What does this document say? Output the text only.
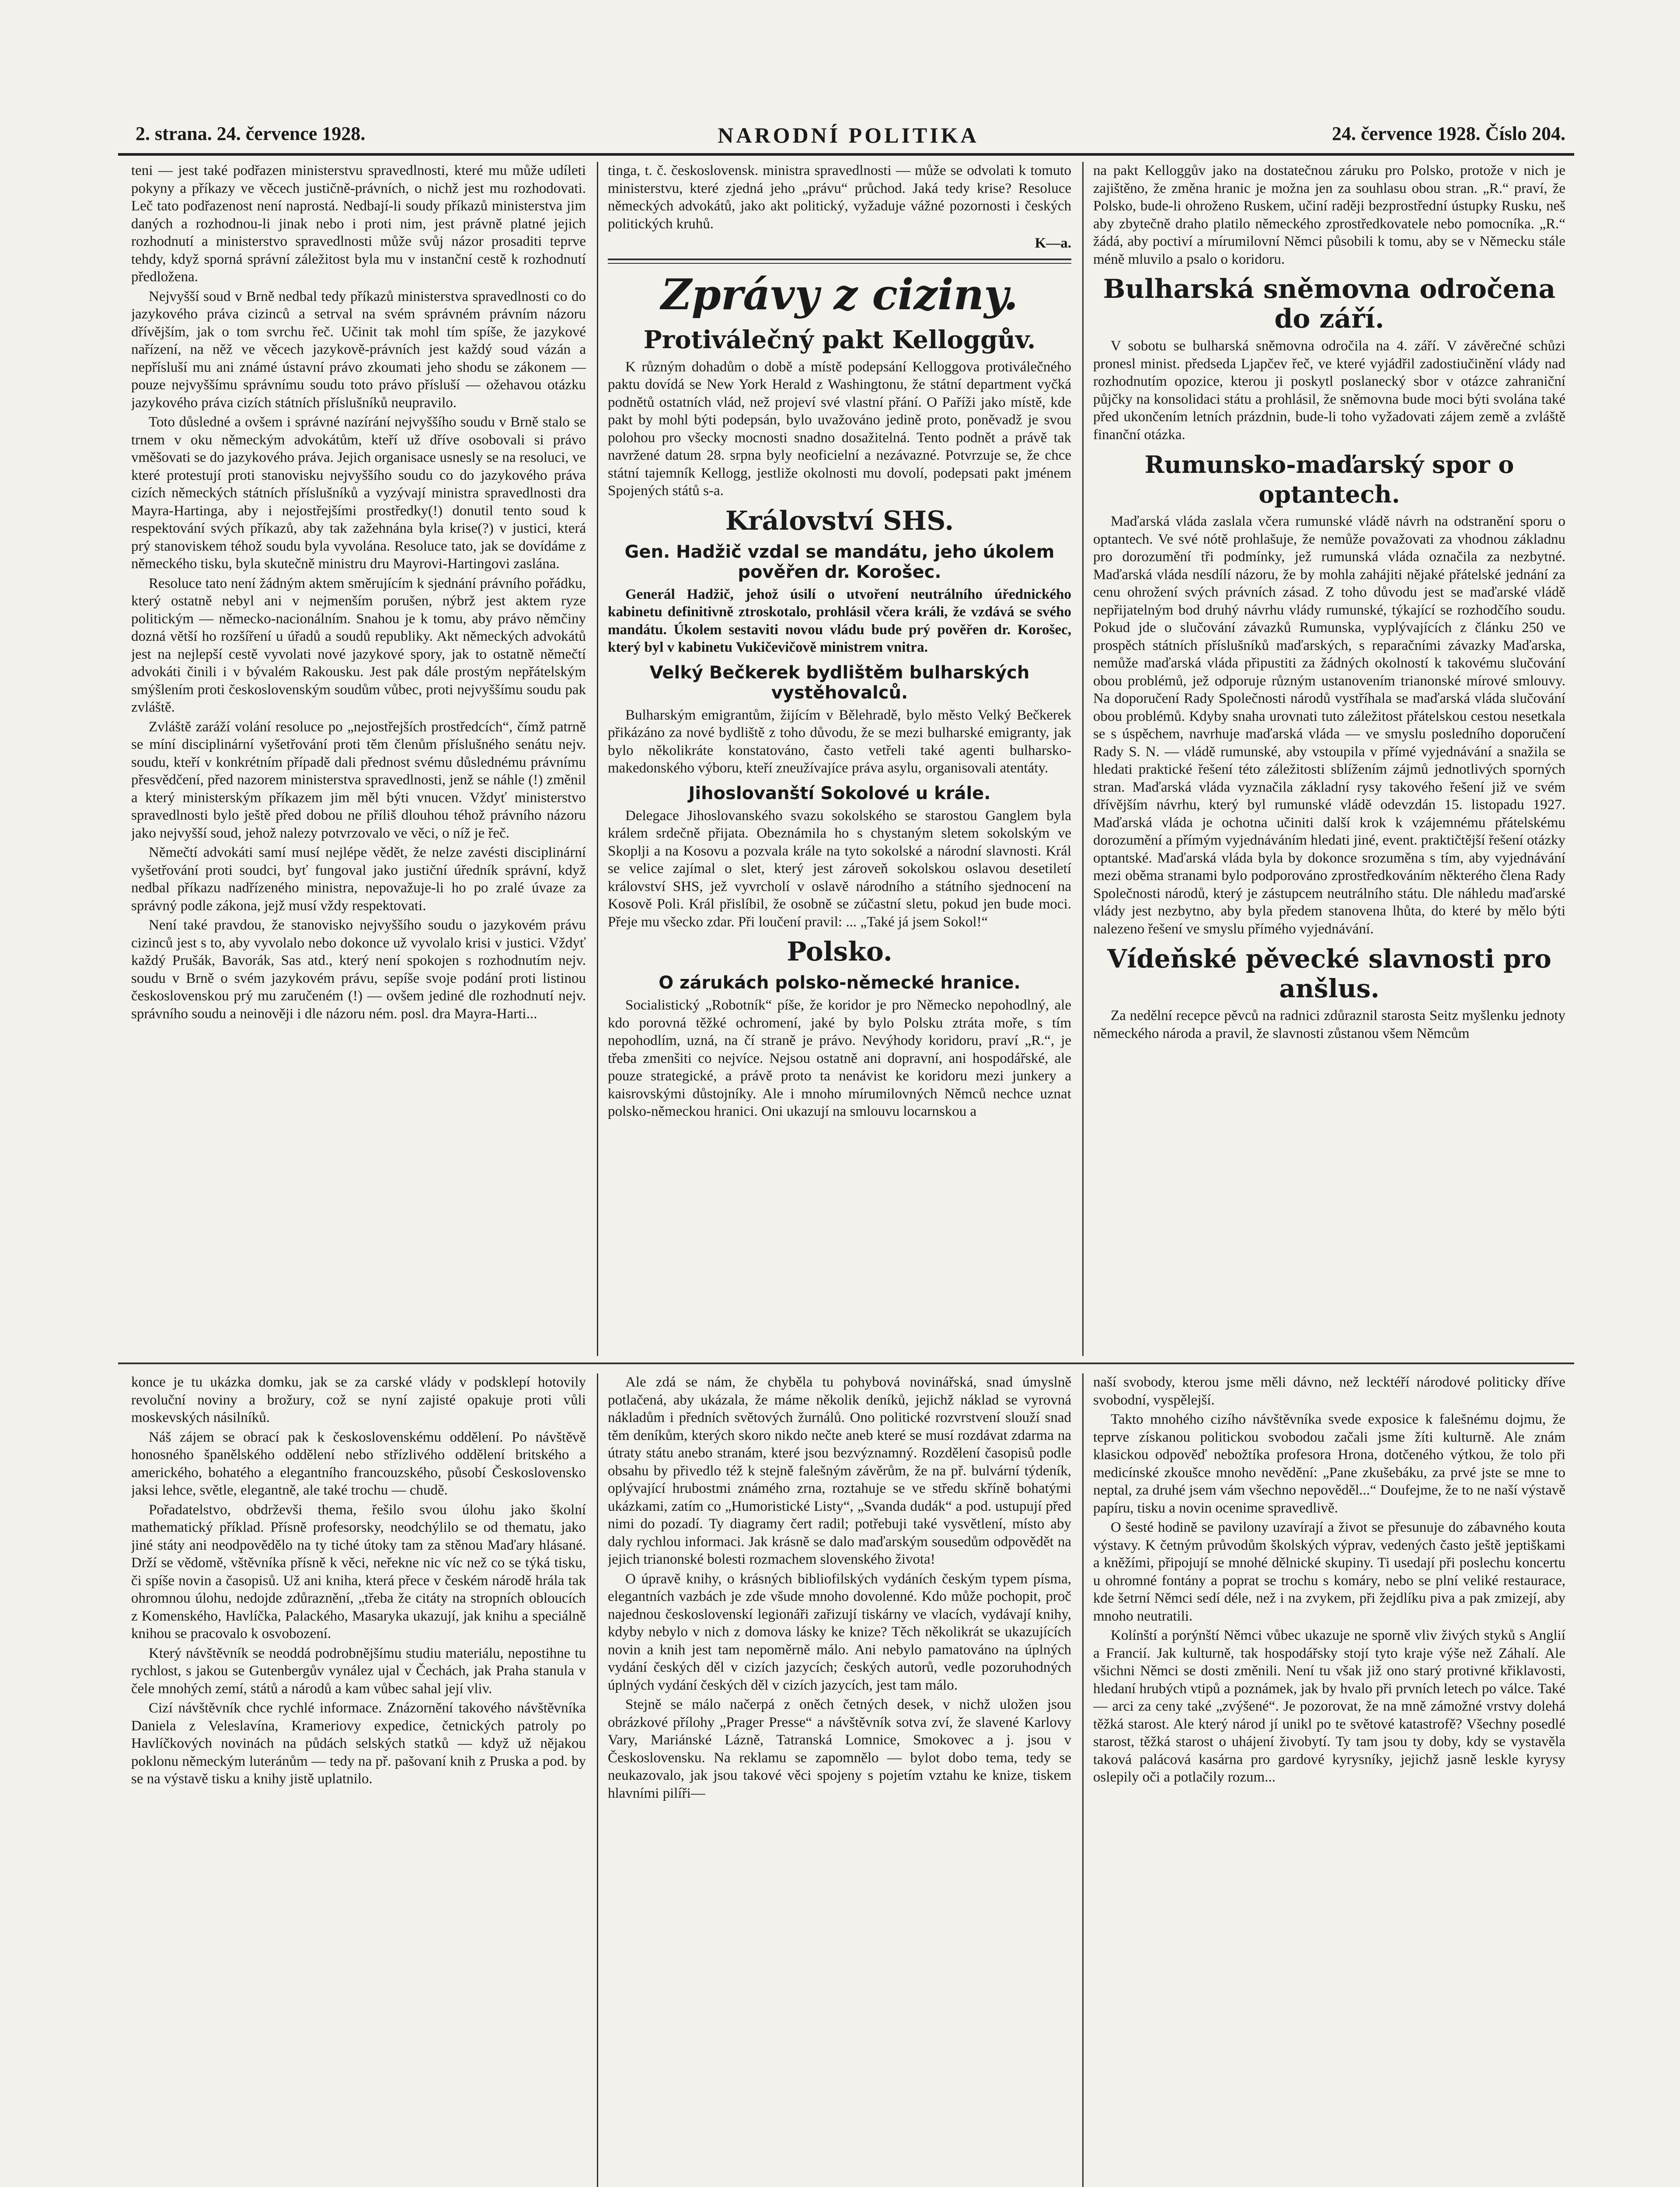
2. strana. 24. července 1928.	NARODNÍ POLITIKA	24. července 1928. Číslo 204.

teni — jest také podřazen ministerstvu spravedlnosti, které mu může udíleti pokyny a příkazy ve věcech justičně-právních, o nichž jest mu rozhodovati. Leč tato podřazenost není naprostá. Nedbají-li soudy příkazů ministerstva jim daných a rozhodnou-li jinak nebo i proti nim, jest právně platné jejich rozhodnutí a ministerstvo spravedlnosti může svůj názor prosaditi teprve tehdy, když sporná správní záležitost byla mu v instanční cestě k rozhodnutí předložena.

Nejvyšší soud v Brně nedbal tedy příkazů ministerstva spravedlnosti co do jazykového práva cizinců a setrval na svém správném právním názoru dřívějším, jak o tom svrchu řeč. Učinit tak mohl tím spíše, že jazykové nařízení, na něž ve věcech jazykově-právních jest každý soud vázán a nepřísluší mu ani známé ústavní právo zkoumati jeho shodu se zákonem — pouze nejvyššímu správnímu soudu toto právo přísluší — ožehavou otázku jazykového práva cizích státních příslušníků neupravilo.

Toto důsledné a ovšem i správné nazírání nejvyššího soudu v Brně stalo se trnem v oku německým advokátům, kteří už dříve osobovali si právo vměšovati se do jazykového práva. Jejich organisace usnesly se na resoluci, ve které protestují proti stanovisku nejvyššího soudu co do jazykového práva cizích německých státních příslušníků a vyzývají ministra spravedlnosti dra Mayra-Hartinga, aby i nejostřejšími prostředky(!) donutil tento soud k respektování svých příkazů, aby tak zažehnána byla krise(?) v justici, která prý stanoviskem téhož soudu byla vyvolána. Resoluce tato, jak se dovídáme z německého tisku, byla skutečně ministru dru Mayrovi-Hartingovi zaslána.

Resoluce tato není žádným aktem směrujícím k sjednání právního pořádku, který ostatně nebyl ani v nejmenším porušen, nýbrž jest aktem ryze politickým — německo-nacionálním. Snahou je k tomu, aby právo němčiny dozná větší ho rozšíření u úřadů a soudů republiky. Akt německých advokátů jest na nejlepší cestě vyvolati nové jazykové spory, jak to ostatně němečtí advokáti činili i v bývalém Rakousku. Jest pak dále prostým nepřátelským smýšlením proti československým soudům vůbec, proti nejvyššímu soudu pak zvláště.

Zvláště zaráží volání resoluce po „nejostřejších prostředcích“, čímž patrně se míní disciplinární vyšetřování proti těm členům příslušného senátu nejv. soudu, kteří v konkrétním případě dali přednost svému důslednému právnímu přesvědčení, před nazorem ministerstva spravedlnosti, jenž se náhle (!) změnil a který ministerským příkazem jim měl býti vnucen. Vždyť ministerstvo spravedlnosti bylo ještě před dobou ne příliš dlouhou téhož právního názoru jako nejvyšší soud, jehož nalezy potvrzovalo ve věci, o níž je řeč.

Němečtí advokáti samí musí nejlépe vědět, že nelze zavésti disciplinární vyšetřování proti soudci, byť fungoval jako justiční úředník správní, když nedbal příkazu nadřízeného ministra, nepovažuje-li ho po zralé úvaze za správný podle zákona, jejž musí vždy respektovati.

Není také pravdou, že stanovisko nejvyššího soudu o jazykovém právu cizinců jest s to, aby vyvolalo nebo dokonce už vyvolalo krisi v justici. Vždyť každý Prušák, Bavorák, Sas atd., který není spokojen s rozhodnutím nejv. soudu v Brně o svém jazykovém právu, sepíše svoje podání proti listinou československou prý mu zaručeném (!) — ovšem jediné dle rozhodnutí nejv. správního soudu a neinověji i dle názoru ném. posl. dra Mayra-Harti...

tinga, t. č. československ. ministra spravedlnosti — může se odvolati k tomuto ministerstvu, které zjedná jeho „právu“ průchod. Jaká tedy krise? Resoluce německých advokátů, jako akt politický, vyžaduje vážné pozornosti i českých politických kruhů.

K—a.
Zprávy z ciziny.
Protiválečný pakt Kelloggův.

K různým dohadům o době a místě podepsání Kelloggova protiválečného paktu dovídá se New York Herald z Washingtonu, že státní department vyčká podnětů ostatních vlád, než projeví své vlastní přání. O Paříži jako místě, kde pakt by mohl býti podepsán, bylo uvažováno jedině proto, poněvadž je svou polohou pro všecky mocnosti snadno dosažitelná. Tento podnět a právě tak navržené datum 28. srpna byly neoficielní a nezávazné. Potvrzuje se, že chce státní tajemník Kellogg, jestliže okolnosti mu dovolí, podepsati pakt jménem Spojených států s-a.

Království SHS.
Gen. Hadžič vzdal se mandátu, jeho úkolem pověřen dr. Korošec.

Generál Hadžič, jehož úsilí o utvoření neutrálního úřednického kabinetu definitivně ztroskotalo, prohlásil včera králi, že vzdává se svého mandátu. Úkolem sestaviti novou vládu bude prý pověřen dr. Korošec, který byl v kabinetu Vukičevičově ministrem vnitra.

Velký Bečkerek bydlištěm bulharských vystěhovalců.

Bulharským emigrantům, žijícím v Bělehradě, bylo město Velký Bečkerek přikázáno za nové bydliště z toho důvodu, že se mezi bulharské emigranty, jak bylo několikráte konstatováno, často vetřeli také agenti bulharsko-makedonského výboru, kteří zneužívajíce práva asylu, organisovali atentáty.

Jihoslovanští Sokolové u krále.

Delegace Jihoslovanského svazu sokolského se starostou Ganglem byla králem srdečně přijata. Obeznámila ho s chystaným sletem sokolským ve Skoplji a na Kosovu a pozvala krále na tyto sokolské a národní slavnosti. Král se velice zajímal o slet, který jest zároveň sokolskou oslavou desetiletí království SHS, jež vyvrcholí v oslavě národního a státního sjednocení na Kosově Poli. Král přislíbil, že osobně se zúčastní sletu, pokud jen bude moci. Přeje mu všecko zdar. Při loučení pravil: ... „Také já jsem Sokol!“

Polsko.
O zárukách polsko-německé hranice.

Socialistický „Robotník“ píše, že koridor je pro Německo nepohodlný, ale kdo porovná těžké ochromení, jaké by bylo Polsku ztráta moře, s tím nepohodlím, uzná, na čí straně je právo. Nevýhody koridoru, praví „R.“, je třeba zmenšiti co nejvíce. Nejsou ostatně ani dopravní, ani hospodářské, ale pouze strategické, a právě proto ta nenávist ke koridoru mezi junkery a kaisrovskými důstojníky. Ale i mnoho mírumilovných Němců nechce uznat polsko-německou hranici. Oni ukazují na smlouvu locarnskou a

na pakt Kelloggův jako na dostatečnou záruku pro Polsko, protože v nich je zajištěno, že změna hranic je možna jen za souhlasu obou stran. „R.“ praví, že Polsko, bude-li ohroženo Ruskem, učiní raději bezprostřední ústupky Rusku, neš aby zbytečně draho platilo německého zprostředkovatele nebo pomocníka. „R.“ žádá, aby poctiví a mírumilovní Němci působili k tomu, aby se v Německu stále méně mluvilo a psalo o koridoru.

Bulharská sněmovna odročena do září.

V sobotu se bulharská sněmovna odročila na 4. září. V závěrečné schůzi pronesl minist. předseda Ljapčev řeč, ve které vyjádřil zadostiučinění vlády nad rozhodnutím opozice, kterou ji poskytl poslanecký sbor v otázce zahraniční půjčky na konsolidaci státu a prohlásil, že sněmovna bude moci býti svolána také před ukončením letních prázdnin, bude-li toho vyžadovati zájem země a zvláště finanční otázka.

Rumunsko-maďarský spor o optantech.

Maďarská vláda zaslala včera rumunské vládě návrh na odstranění sporu o optantech. Ve své nótě prohlašuje, že nemůže považovati za vhodnou základnu pro dorozumění tři podmínky, jež rumunská vláda označila za nezbytné. Maďarská vláda nesdílí názoru, že by mohla zahájiti nějaké přátelské jednání za cenu ohrožení svých právních zásad. Z toho důvodu jest se maďarské vládě nepřijatelným bod druhý návrhu vlády rumunské, týkající se rozhodčího soudu. Pokud jde o slučování závazků Rumunska, vyplývajících z článku 250 ve prospěch státních příslušníků maďarských, s reparačními závazky Maďarska, nemůže maďarská vláda připustiti za žádných okolností k takovému slučování obou problémů, jež odporuje různým ustanovením trianonské mírové smlouvy. Na doporučení Rady Společnosti národů vystříhala se maďarská vláda slučování obou problémů. Kdyby snaha urovnati tuto záležitost přátelskou cestou nesetkala se s úspěchem, navrhuje maďarská vláda — ve smyslu posledního doporučení Rady S. N. — vládě rumunské, aby vstoupila v přímé vyjednávání a snažila se hledati praktické řešení této záležitosti sblížením zájmů jednotlivých sporných stran. Maďarská vláda vyznačila základní rysy takového řešení již ve svém dřívějším návrhu, který byl rumunské vládě odevzdán 15. listopadu 1927. Maďarská vláda je ochotna učiniti další krok k vzájemnému přátelskému dorozumění a přímým vyjednáváním hledati jiné, event. praktičtější řešení otázky optantské. Maďarská vláda byla by dokonce srozuměna s tím, aby vyjednávání mezi oběma stranami bylo podporováno zprostředkováním některého člena Rady Společnosti národů, který je zástupcem neutrálního státu. Dle náhledu maďarské vlády jest nezbytno, aby byla předem stanovena lhůta, do které by mělo býti nalezeno řešení ve smyslu přímého vyjednávání.

Vídeňské pěvecké slavnosti pro anšlus.

Za nedělní recepce pěvců na radnici zdůraznil starosta Seitz myšlenku jednoty německého národa a pravil, že slavnosti zůstanou všem Němcům

konce je tu ukázka domku, jak se za carské vlády v podsklepí hotovily revoluční noviny a brožury, což se nyní zajisté opakuje proti vůli moskevských násilníků.

Náš zájem se obrací pak k československému oddělení. Po návštěvě honosného španělského oddělení nebo střízlivého oddělení britského a amerického, bohatého a elegantního francouzského, působí Československo jaksi lehce, světle, elegantně, ale také trochu — chudě.

Pořadatelstvo, obdrževši thema, řešilo svou úlohu jako školní mathematický příklad. Přísně profesorsky, neodchýlilo se od thematu, jako jiné státy ani neodpovědělo na ty tiché útoky tam za stěnou Maďary hlásané. Drží se vědomě, vštěvníka přísně k věci, neřekne nic víc než co se týká tisku, či spíše novin a časopisů. Už ani kniha, která přece v českém národě hrála tak ohromnou úlohu, nedojde zdůraznění, „třeba že citáty na stropních obloucích z Komenského, Havlíčka, Palackého, Masaryka ukazují, jak knihu a speciálně knihou se pracovalo k osvobození.

Který návštěvník se neoddá podrobnějšímu studiu materiálu, nepostihne tu rychlost, s jakou se Gutenbergův vynález ujal v Čechách, jak Praha stanula v čele mnohých zemí, států a národů a kam vůbec sahal její vliv.

Cizí návštěvník chce rychlé informace. Znázornění takového návštěvníka Daniela z Veleslavína, Krameriovy expedice, četnických patroly po Havlíčkových novinách na půdách selských statků — když už nějakou poklonu německým luteránům — tedy na př. pašovaní knih z Pruska a pod. by se na výstavě tisku a knihy jistě uplatnilo.

Ale zdá se nám, že chyběla tu pohybová novinářská, snad úmyslně potlačená, aby ukázala, že máme několik deníků, jejichž náklad se vyrovná nákladům i předních světových žurnálů. Ono politické rozvrstvení slouží snad těm deníkům, kterých skoro nikdo nečte aneb které se musí rozdávat zdarma na útraty státu anebo stranám, které jsou bezvýznamný. Rozdělení časopisů podle obsahu by přivedlo též k stejně falešným závěrům, že na př. bulvární týdeník, oplývající hrubostmi známého zrna, roztahuje se ve středu skříně bohatými ukázkami, zatím co „Humoristické Listy“, „Svanda dudák“ a pod. ustupují před nimi do pozadí. Ty diagramy čert radil; potřebuji také vysvětlení, místo aby daly rychlou informaci. Jak krásně se dalo maďarským sousedům odpovědět na jejich trianonské bolesti rozmachem slovenského života!

O úpravě knihy, o krásných bibliofilských vydáních českým typem písma, elegantních vazbách je zde všude mnoho dovolenné. Kdo může pochopit, proč najednou československí legionáři zařizují tiskárny ve vlacích, vydávají knihy, kdyby nebylo v nich z domova lásky ke knize? Těch několikrát se ukazujících novin a knih jest tam nepoměrně málo. Ani nebylo pamatováno na úplných vydání českých děl v cizích jazycích; českých autorů, vedle pozoruhodných úplných vydání českých děl v cizích jazycích, jest tam málo.

Stejně se málo načerpá z oněch četných desek, v nichž uložen jsou obrázkové přílohy „Prager Presse“ a návštěvník sotva zví, že slavené Karlovy Vary, Mariánské Lázně, Tatranská Lomnice, Smokovec a j. jsou v Československu. Na reklamu se zapomnělo — bylot dobo tema, tedy se neukazovalo, jak jsou takové věci spojeny s pojetím vztahu ke knize, tiskem hlavními pilíři—

naší svobody, kterou jsme měli dávno, než lecktéří národové politicky dříve svobodní, vyspělejší.

Takto mnohého cizího návštěvníka svede exposice k falešnému dojmu, že teprve získanou politickou svobodou začali jsme žíti kulturně. Ale znám klasickou odpověď nebožtíka profesora Hrona, dotčeného výtkou, že tolo při medicínské zkoušce mnoho nevědění: „Pane zkušebáku, za prvé jste se mne to neptal, za druhé jsem vám všechno nepověděl...“ Doufejme, že to ne naší výstavě papíru, tisku a novin ocenime spravedlivě.

O šesté hodině se pavilony uzavírají a život se přesunuje do zábavného kouta výstavy. K četným průvodům školských výprav, vedených často ještě jeptiškami a kněžími, připojují se mnohé dělnické skupiny. Ti usedají při poslechu koncertu u ohromné fontány a poprat se trochu s komáry, nebo se plní veliké restaurace, kde šetrní Němci sedí déle, než i na zvykem, při žejdlíku piva a pak zmizejí, aby mnoho neutratili.

Kolínští a porýnští Němci vůbec ukazuje ne sporně vliv živých styků s Anglií a Francií. Jak kulturně, tak hospodářsky stojí tyto kraje výše než Záhalí. Ale všichni Němci se dosti změnili. Není tu však již ono starý protivné křiklavosti, hledaní hrubých vtipů a poznámek, jak by hvalo při prvních letech po válce. Také — arci za ceny také „zvýšené“. Je pozorovat, že na mně zámožné vrstvy dolehá těžká starost. Ale který národ jí unikl po te světové katastrofě? Všechny posedlé starost, těžká starost o uhájení živobytí. Ty tam jsou ty doby, kdy se vystavěla taková palácová kasárna pro gardové kyrysníky, jejichž jasně leskle kyrysy oslepily oči a potlačily rozum...
